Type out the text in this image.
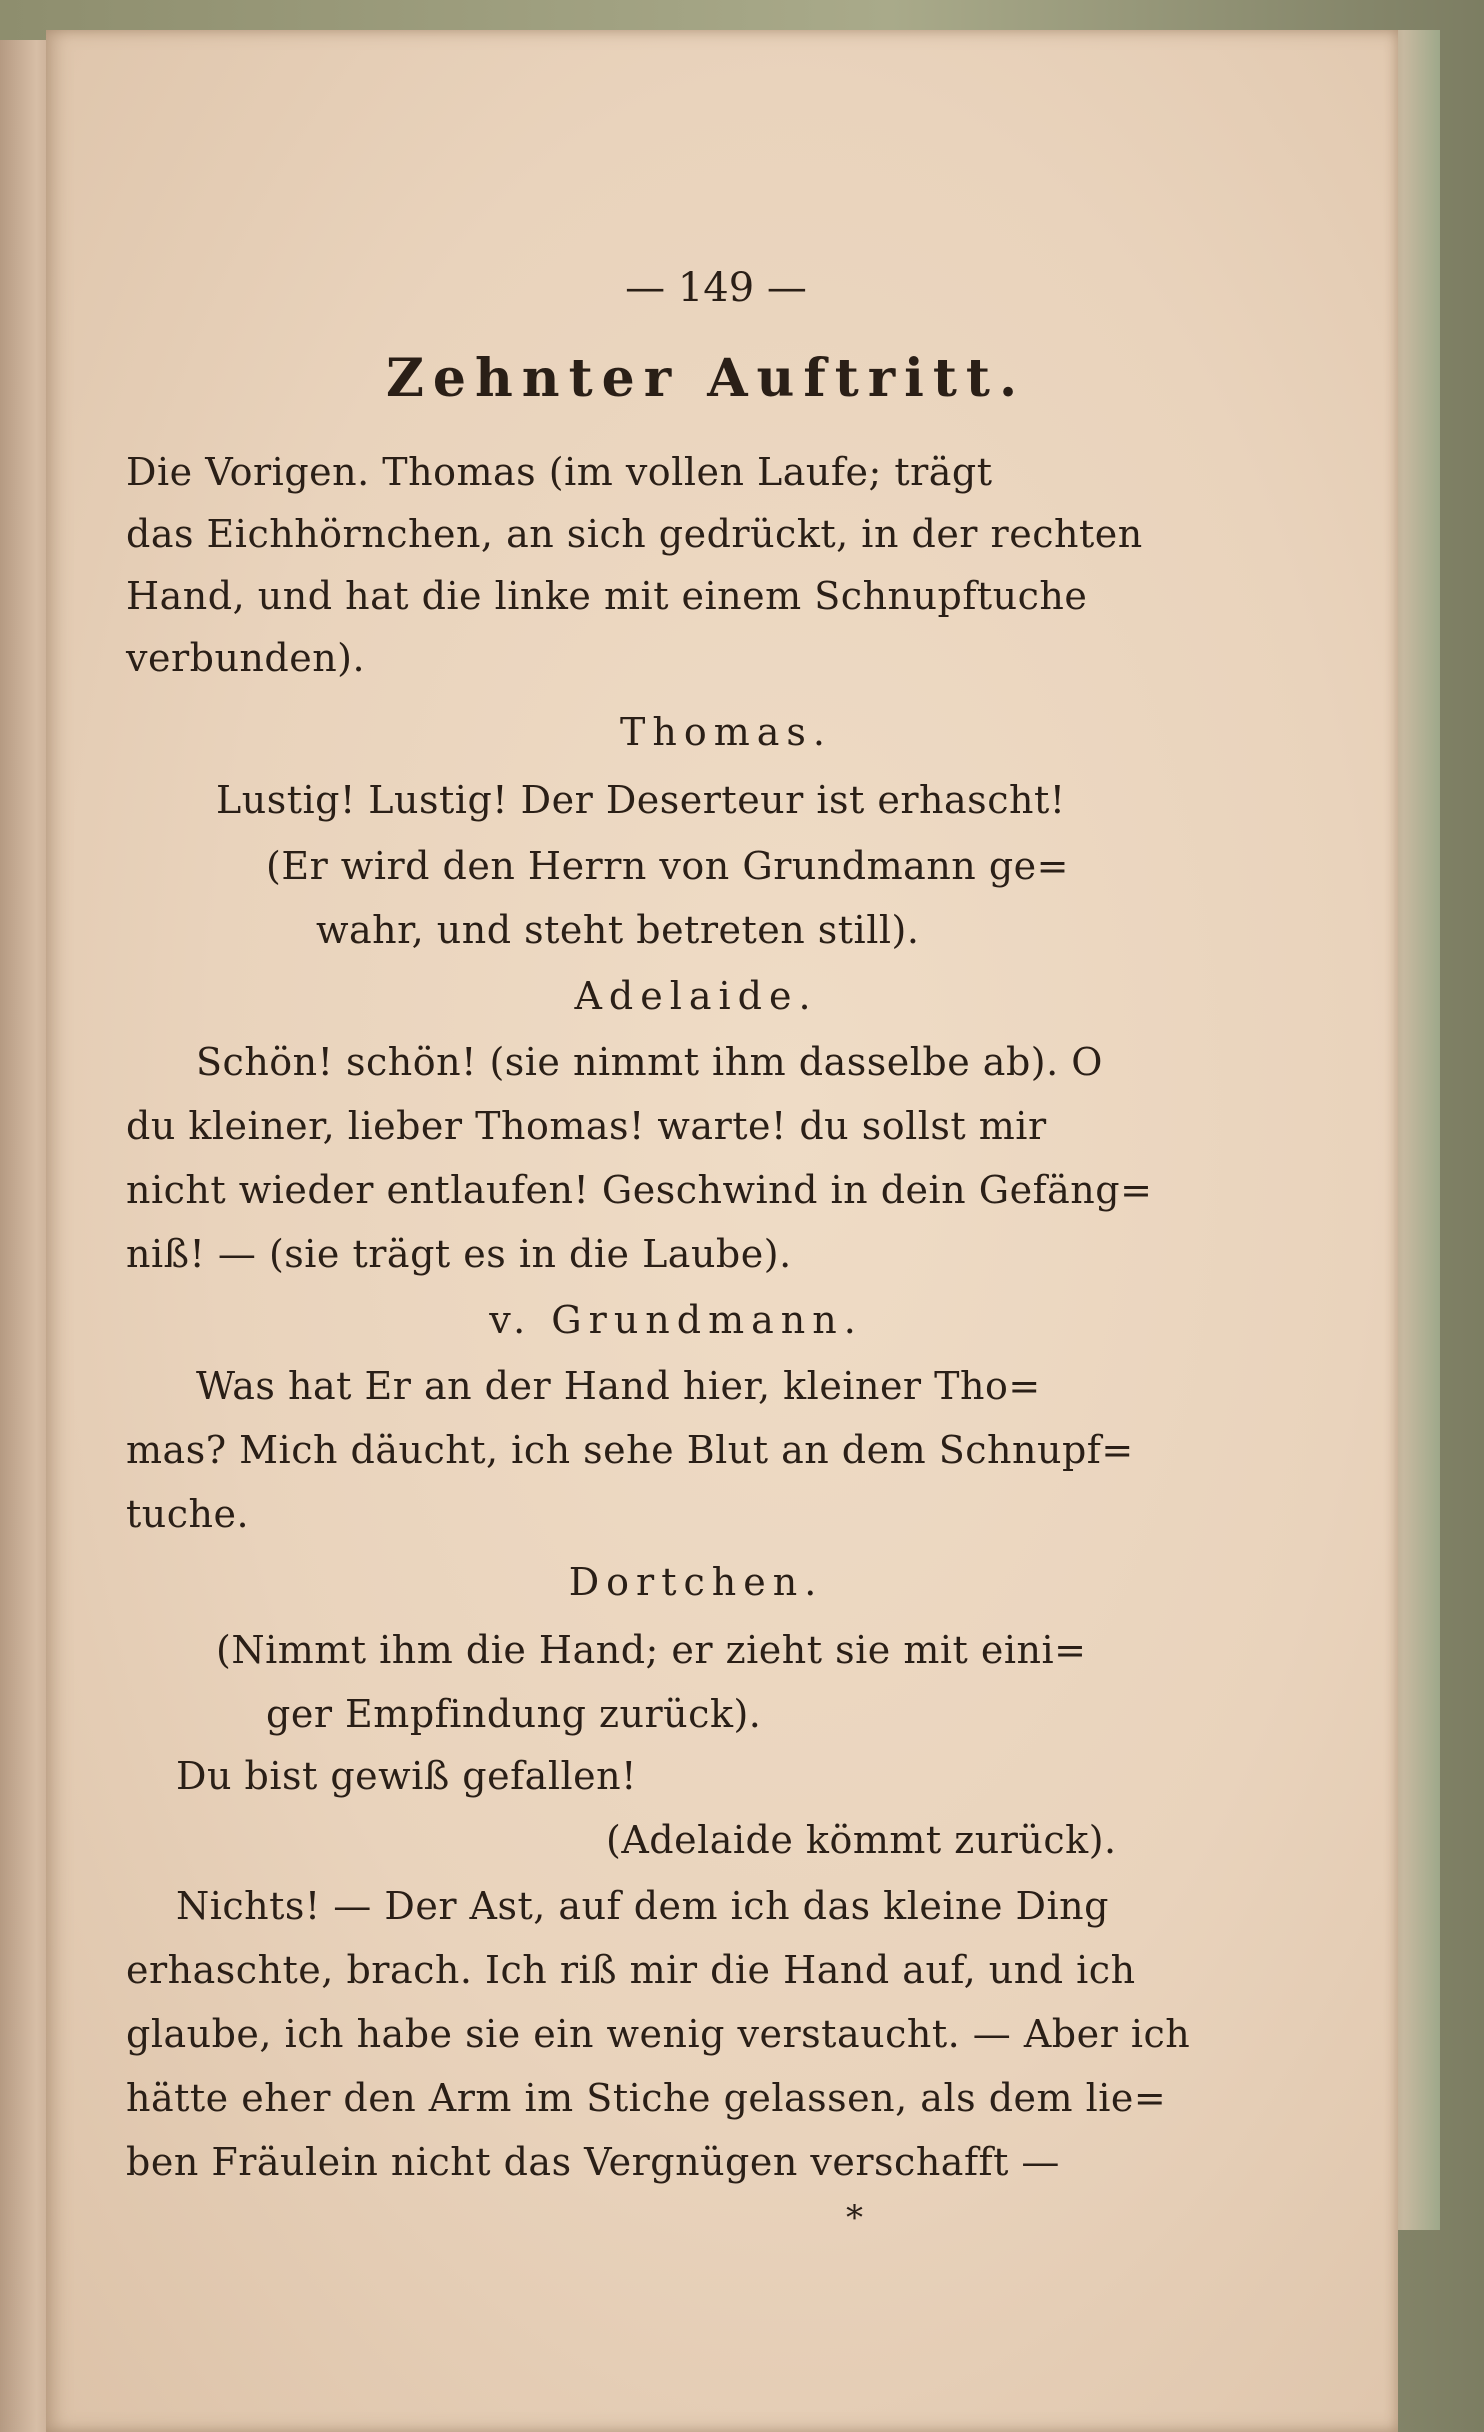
— 149 —
Zehnter Auftritt.
Die Vorigen. Thomas (im vollen Laufe; trägt
das Eichhörnchen, an sich gedrückt, in der rechten
Hand, und hat die linke mit einem Schnupftuche
verbunden).
Thomas.
Lustig! Lustig! Der Deserteur ist erhascht!
(Er wird den Herrn von Grundmann ge=
wahr, und steht betreten still).
Adelaide.
Schön! schön! (sie nimmt ihm dasselbe ab). O
du kleiner, lieber Thomas! warte! du sollst mir
nicht wieder entlaufen! Geschwind in dein Gefäng=
niß! — (sie trägt es in die Laube).
v. Grundmann.
Was hat Er an der Hand hier, kleiner Tho=
mas? Mich däucht, ich sehe Blut an dem Schnupf=
tuche.
Dortchen.
(Nimmt ihm die Hand; er zieht sie mit eini=
ger Empfindung zurück).
Du bist gewiß gefallen!
(Adelaide kömmt zurück).
Nichts! — Der Ast, auf dem ich das kleine Ding
erhaschte, brach. Ich riß mir die Hand auf, und ich
glaube, ich habe sie ein wenig verstaucht. — Aber ich
hätte eher den Arm im Stiche gelassen, als dem lie=
ben Fräulein nicht das Vergnügen verschafft —
*
